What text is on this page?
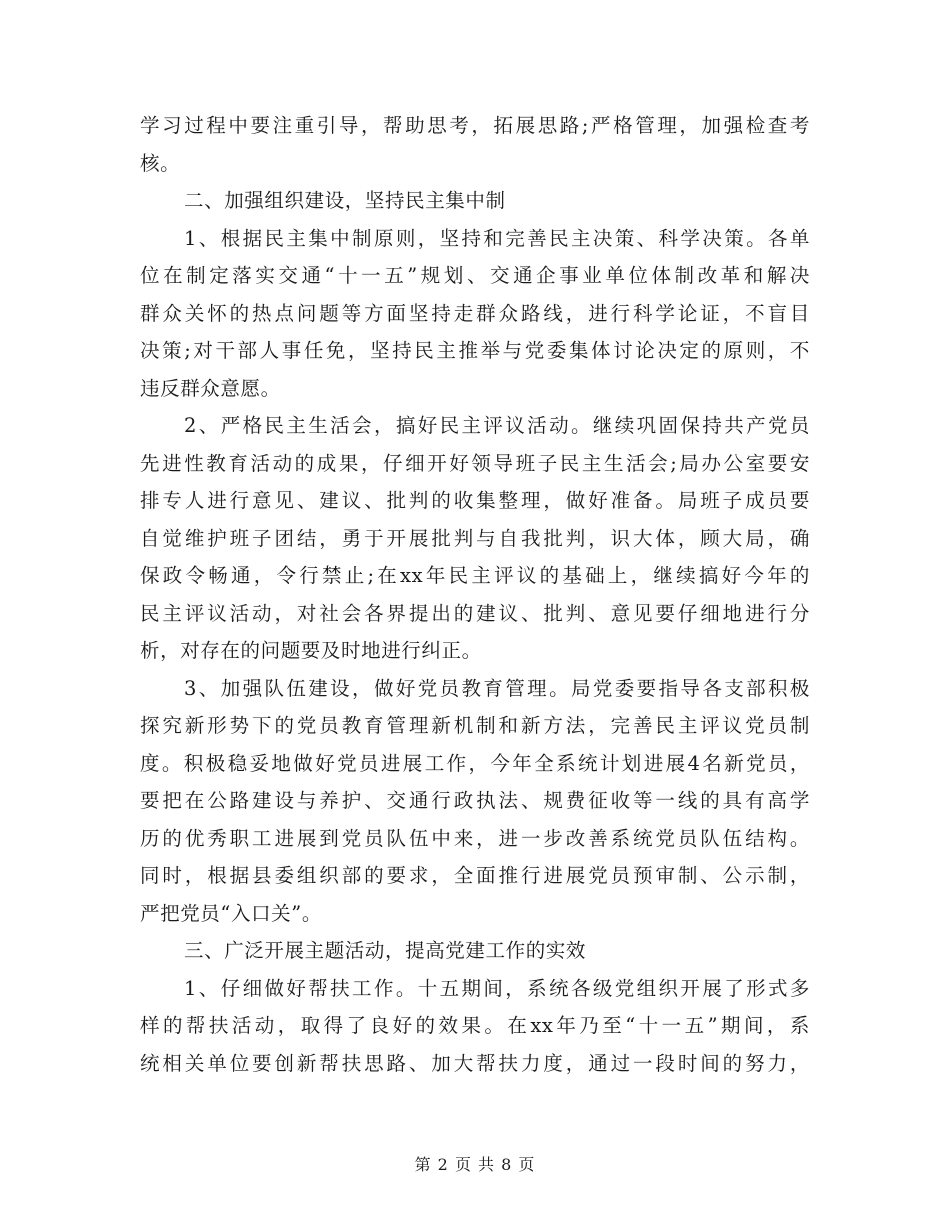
学习过程中要注重引导，帮助思考，拓展思路;严格管理，加强检查考
核。
二、加强组织建设，坚持民主集中制
1、根据民主集中制原则，坚持和完善民主决策、科学决策。各单
位在制定落实交通“十一五”规划、交通企事业单位体制改革和解决
群众关怀的热点问题等方面坚持走群众路线，进行科学论证，不盲目
决策;对干部人事任免，坚持民主推举与党委集体讨论决定的原则，不
违反群众意愿。
2、严格民主生活会，搞好民主评议活动。继续巩固保持共产党员
先进性教育活动的成果，仔细开好领导班子民主生活会;局办公室要安
排专人进行意见、建议、批判的收集整理，做好准备。局班子成员要
自觉维护班子团结，勇于开展批判与自我批判，识大体，顾大局，确
保政令畅通，令行禁止;在xx年民主评议的基础上，继续搞好今年的
民主评议活动，对社会各界提出的建议、批判、意见要仔细地进行分
析，对存在的问题要及时地进行纠正。
3、加强队伍建设，做好党员教育管理。局党委要指导各支部积极
探究新形势下的党员教育管理新机制和新方法，完善民主评议党员制
度。积极稳妥地做好党员进展工作，今年全系统计划进展4名新党员，
要把在公路建设与养护、交通行政执法、规费征收等一线的具有高学
历的优秀职工进展到党员队伍中来，进一步改善系统党员队伍结构。
同时，根据县委组织部的要求，全面推行进展党员预审制、公示制，
严把党员“入口关”。
三、广泛开展主题活动，提高党建工作的实效
1、仔细做好帮扶工作。十五期间，系统各级党组织开展了形式多
样的帮扶活动，取得了良好的效果。在xx年乃至“十一五”期间，系
统相关单位要创新帮扶思路、加大帮扶力度，通过一段时间的努力，
第 2 页 共 8 页
